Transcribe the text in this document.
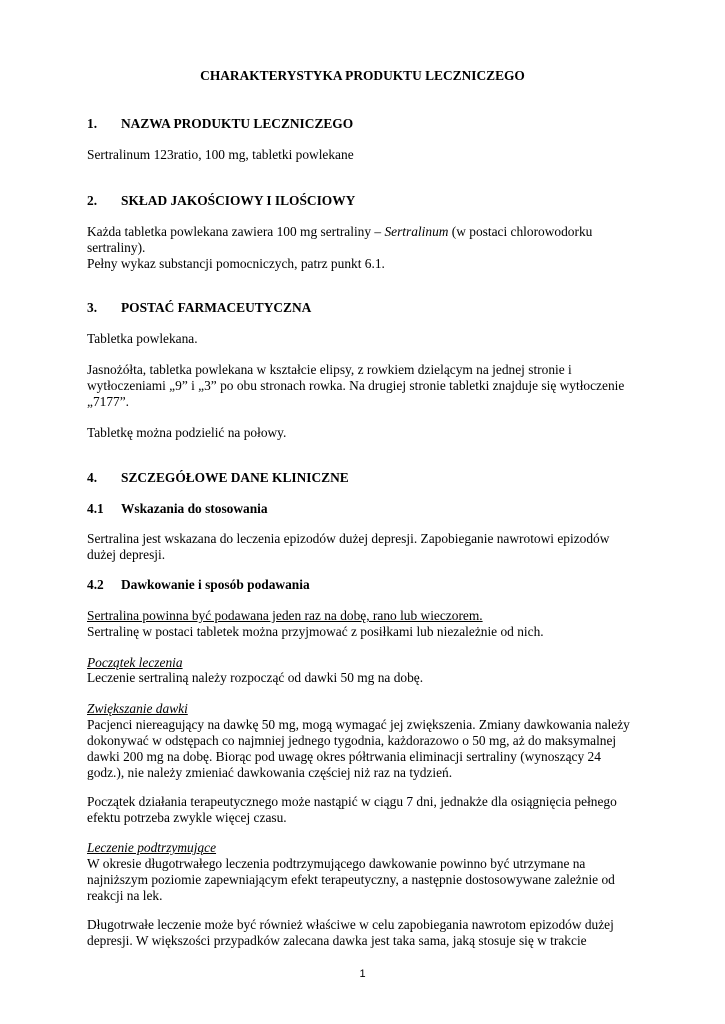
CHARAKTERYSTYKA PRODUKTU LECZNICZEGO
1. NAZWA PRODUKTU LECZNICZEGO
Sertralinum 123ratio, 100 mg, tabletki powlekane
2. SKŁAD JAKOŚCIOWY I ILOŚCIOWY
Każda tabletka powlekana zawiera 100 mg sertraliny – Sertralinum (w postaci chlorowodorku
sertraliny).
Pełny wykaz substancji pomocniczych, patrz punkt 6.1.
3. POSTAĆ FARMACEUTYCZNA
Tabletka powlekana.
Jasnożółta, tabletka powlekana w kształcie elipsy, z rowkiem dzielącym na jednej stronie i
wytłoczeniami „9” i „3” po obu stronach rowka. Na drugiej stronie tabletki znajduje się wytłoczenie
„7177”.
Tabletkę można podzielić na połowy.
4. SZCZEGÓŁOWE DANE KLINICZNE
4.1 Wskazania do stosowania
Sertralina jest wskazana do leczenia epizodów dużej depresji. Zapobieganie nawrotowi epizodów
dużej depresji.
4.2 Dawkowanie i sposób podawania
Sertralina powinna być podawana jeden raz na dobę, rano lub wieczorem.
Sertralinę w postaci tabletek można przyjmować z posiłkami lub niezależnie od nich.
Początek leczenia
Leczenie sertraliną należy rozpocząć od dawki 50 mg na dobę.
Zwiększanie dawki
Pacjenci niereagujący na dawkę 50 mg, mogą wymagać jej zwiększenia. Zmiany dawkowania należy
dokonywać w odstępach co najmniej jednego tygodnia, każdorazowo o 50 mg, aż do maksymalnej
dawki 200 mg na dobę. Biorąc pod uwagę okres półtrwania eliminacji sertraliny (wynoszący 24
godz.), nie należy zmieniać dawkowania częściej niż raz na tydzień.
Początek działania terapeutycznego może nastąpić w ciągu 7 dni, jednakże dla osiągnięcia pełnego
efektu potrzeba zwykle więcej czasu.
Leczenie podtrzymujące
W okresie długotrwałego leczenia podtrzymującego dawkowanie powinno być utrzymane na
najniższym poziomie zapewniającym efekt terapeutyczny, a następnie dostosowywane zależnie od
reakcji na lek.
Długotrwałe leczenie może być również właściwe w celu zapobiegania nawrotom epizodów dużej
depresji. W większości przypadków zalecana dawka jest taka sama, jaką stosuje się w trakcie
1
